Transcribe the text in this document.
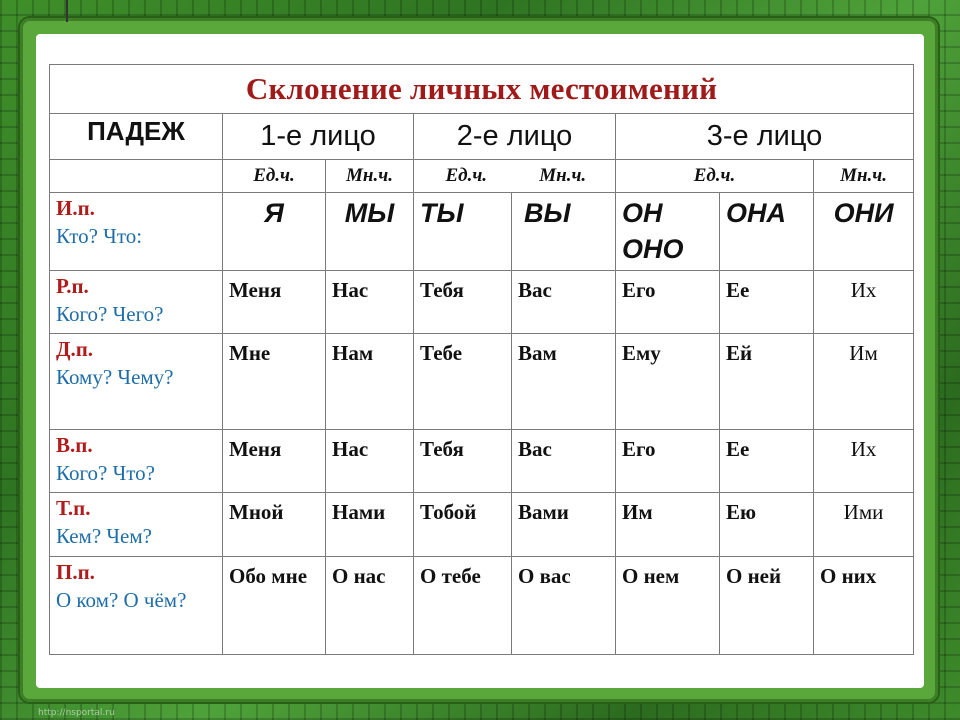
Склонение личных местоимений							
ПАДЕЖ	1-е лицо		2-е лицо		3-е лицо		
	Ед.ч.	Мн.ч.	Ед.ч. Мн.ч.		Ед.ч.		Мн.ч.

И.п.
Кто? Что:	Я	МЫ	ТЫ	ВЫ	ОН ОНО	ОНА	ОНИ

Р.п.
Кого? Чего?	Меня	Нас	Тебя	Вас	Его	Ее	Их

Д.п.
Кому? Чему?	Мне	Нам	Тебе	Вам	Ему	Ей	Им

В.п.
Кого? Что?	Меня	Нас	Тебя	Вас	Его	Ее	Их

Т.п.
Кем? Чем?	Мной	Нами	Тобой	Вами	Им	Ею	Ими

П.п.
О ком? О чём?	Обо мне	О нас	О тебе	О вас	О нем	О ней	О них
http://nsportal.ru
